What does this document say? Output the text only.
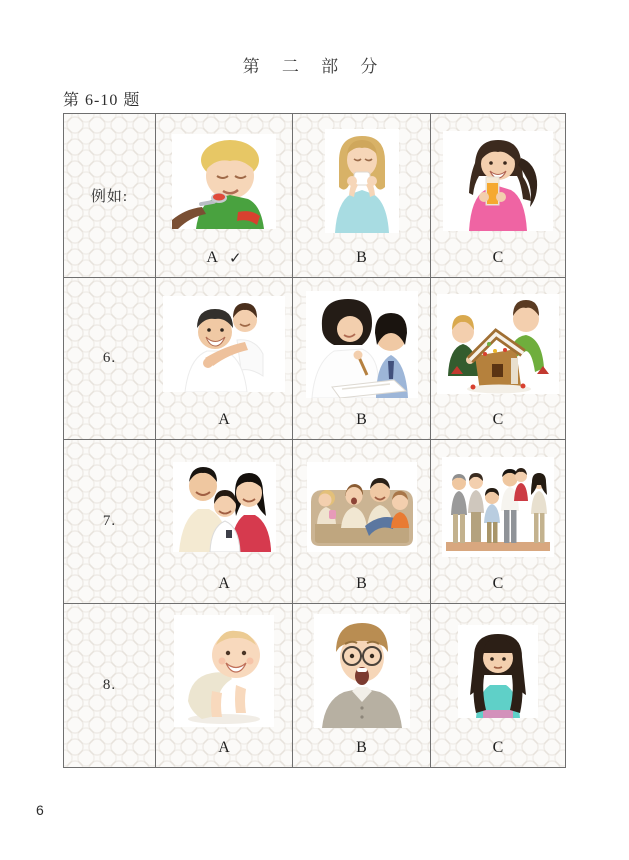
第 二 部 分
第 6-10 题
例如:
A ✓	B	C
6.
A	B	C
7.
A	B	C
8.
A	B	C
6
